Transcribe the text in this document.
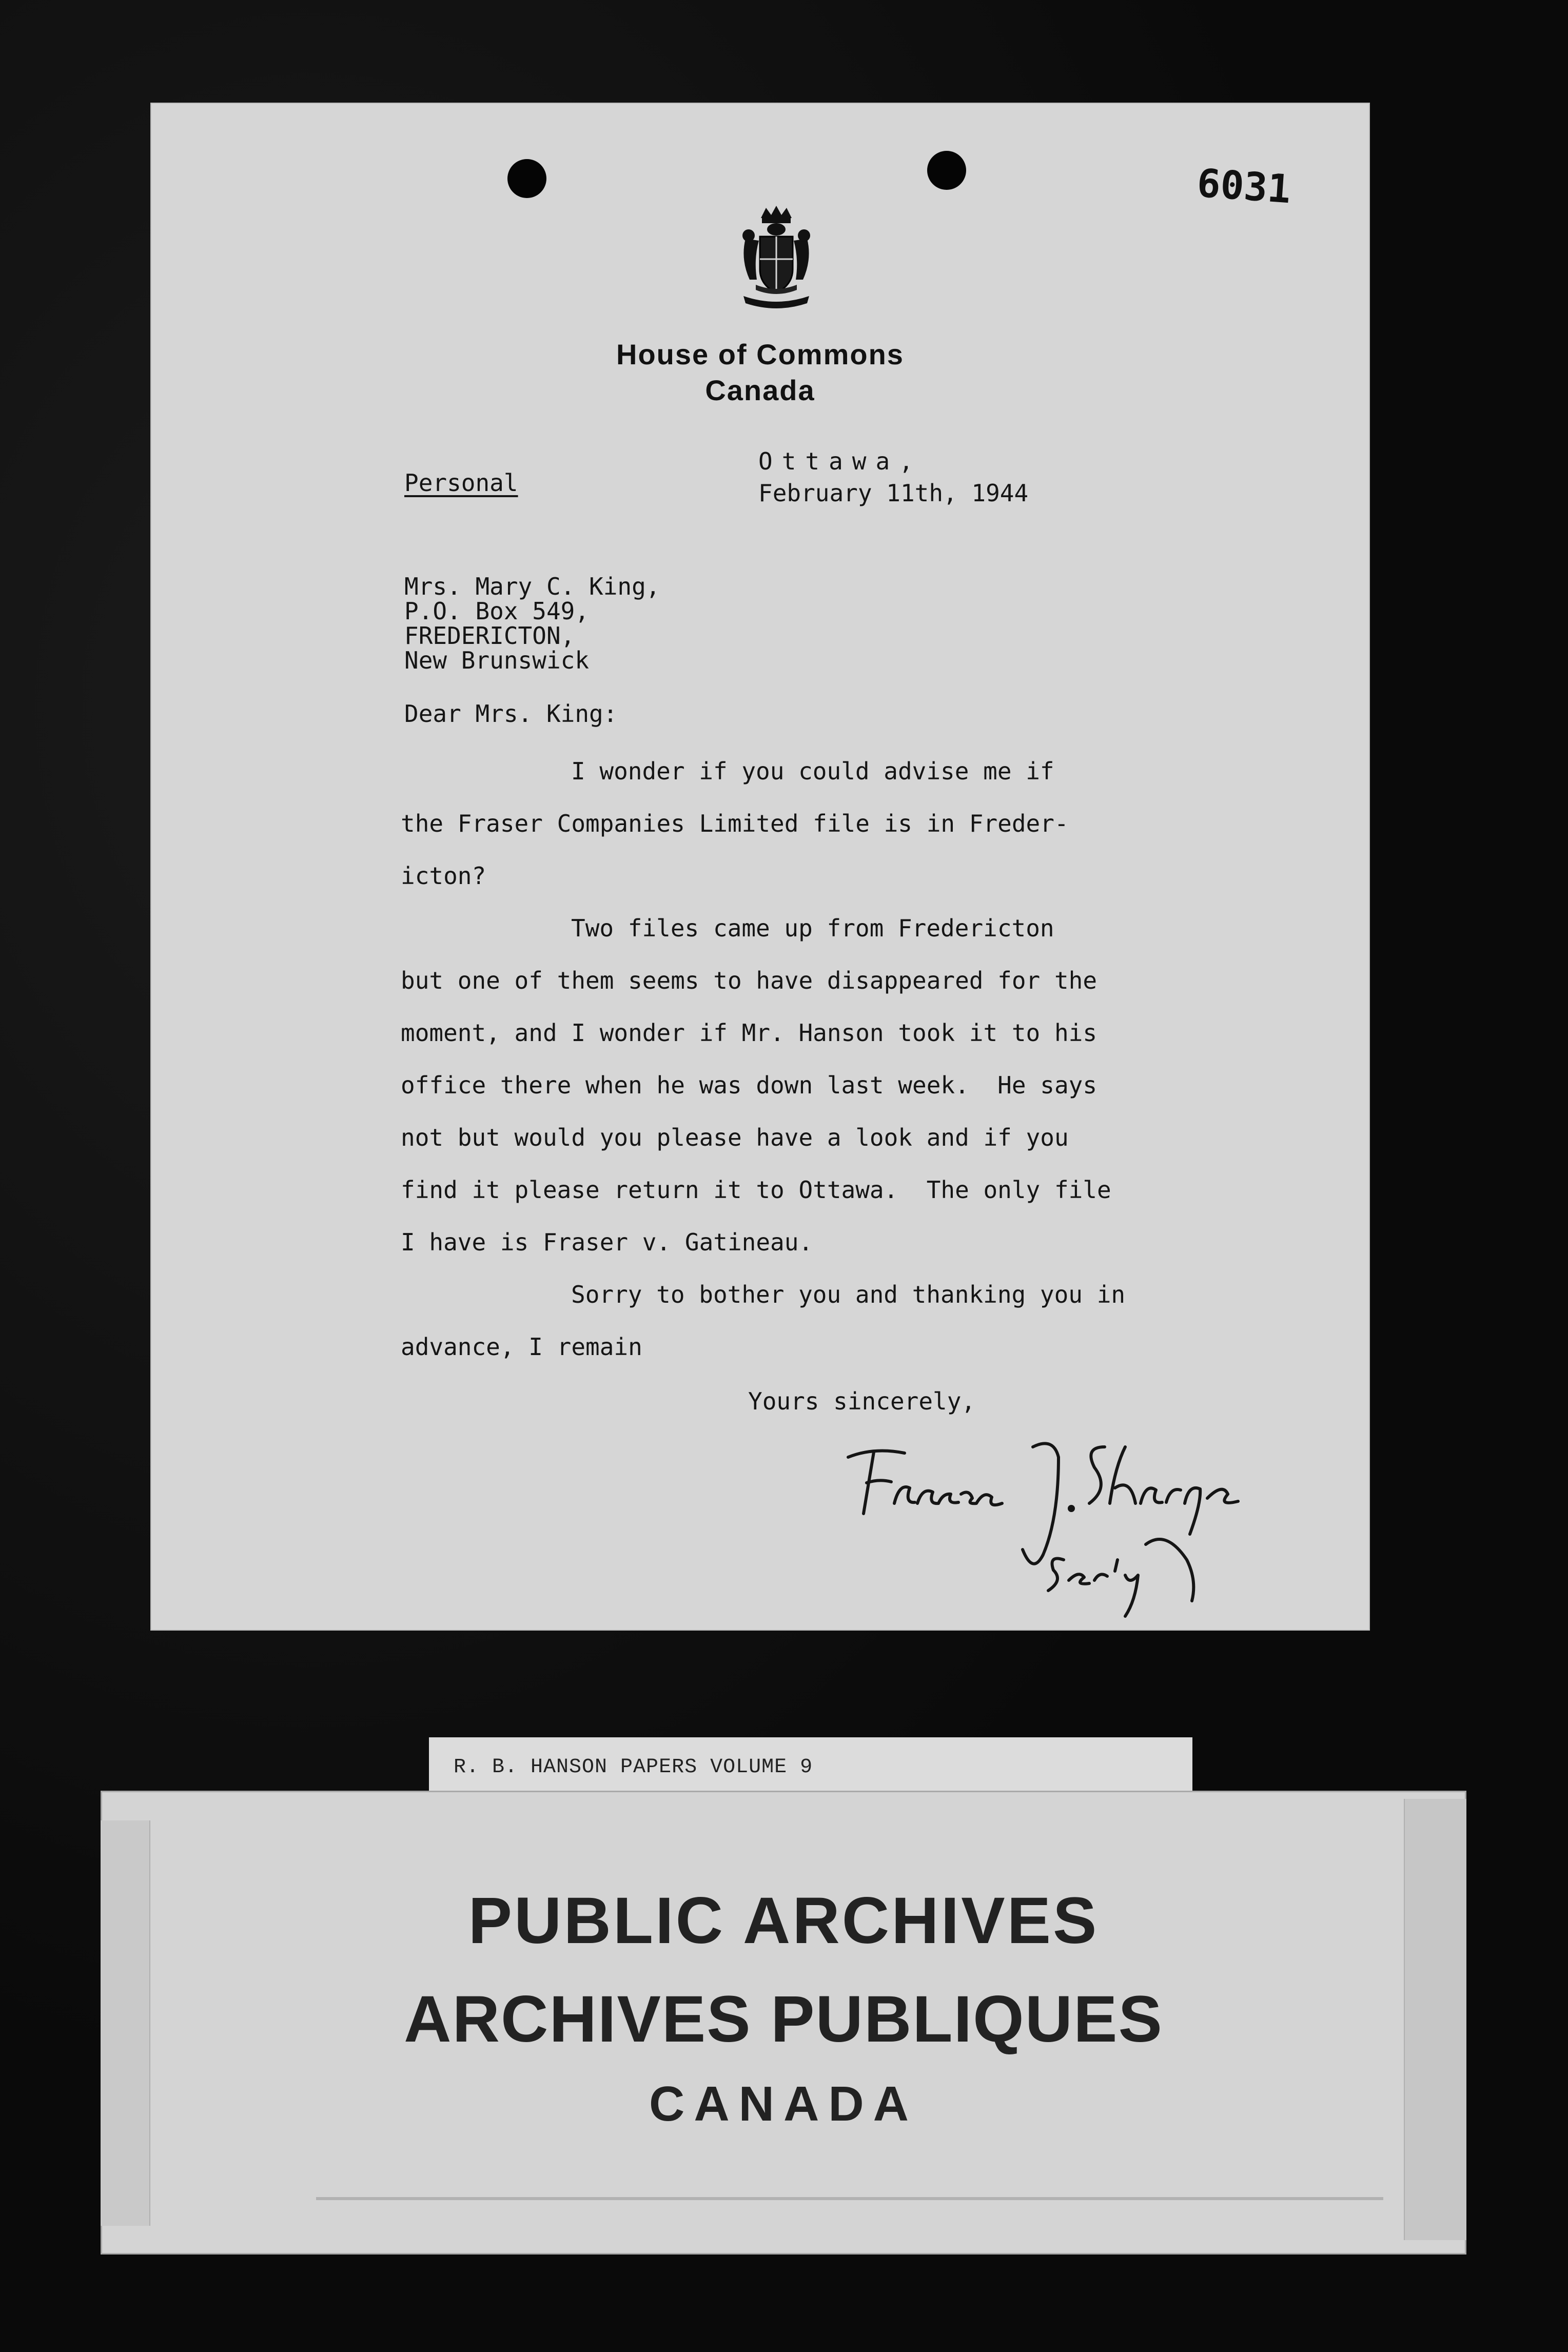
6031
House of Commons
Canada
Personal
Ottawa,
February 11th, 1944
Mrs. Mary C. King,
P.O. Box 549,
FREDERICTON,
New Brunswick
Dear Mrs. King:
I wonder if you could advise me if
the Fraser Companies Limited file is in Freder-
icton?
Two files came up from Fredericton
but one of them seems to have disappeared for the
moment, and I wonder if Mr. Hanson took it to his
office there when he was down last week.  He says
not but would you please have a look and if you
find it please return it to Ottawa.  The only file
I have is Fraser v. Gatineau.
Sorry to bother you and thanking you in
advance, I remain
Yours sincerely,
R. B. HANSON PAPERS VOLUME 9
PUBLIC ARCHIVES
ARCHIVES PUBLIQUES
CANADA
